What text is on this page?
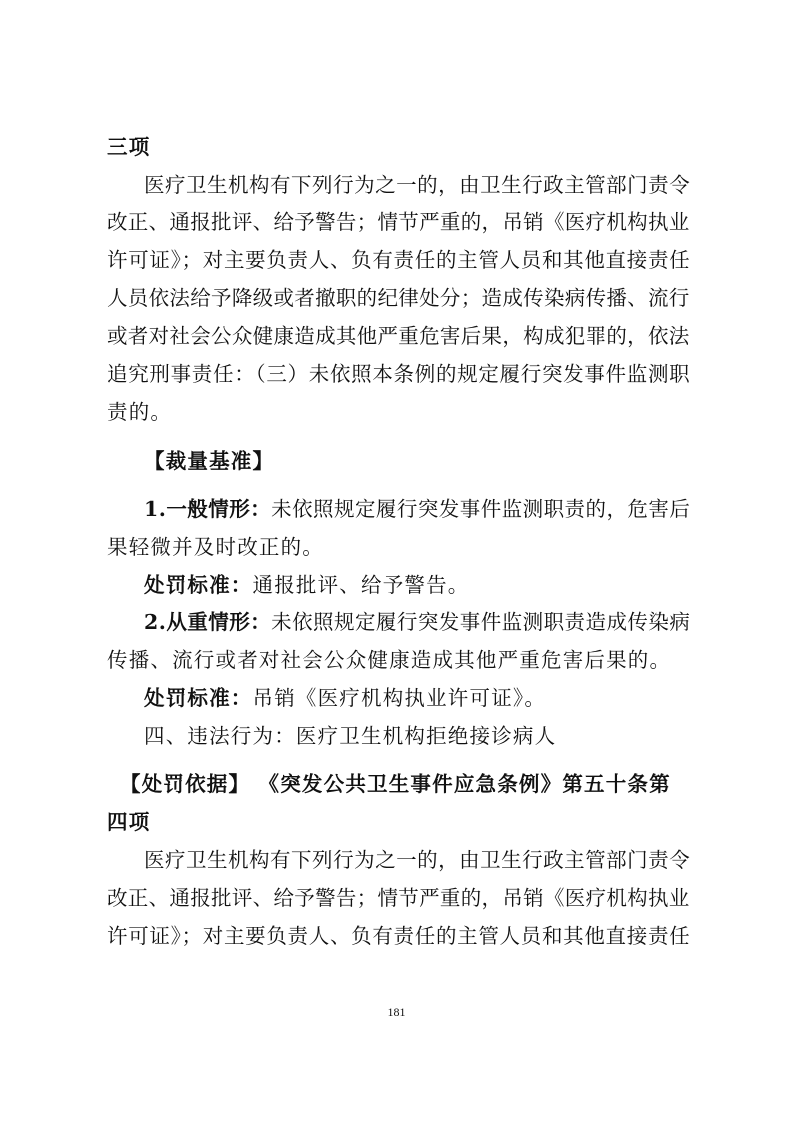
三项
医疗卫生机构有下列行为之一的，由卫生行政主管部门责令
改正、通报批评、给予警告；情节严重的，吊销《医疗机构执业
许可证》；对主要负责人、负有责任的主管人员和其他直接责任
人员依法给予降级或者撤职的纪律处分；造成传染病传播、流行
或者对社会公众健康造成其他严重危害后果，构成犯罪的，依法
追究刑事责任：（三）未依照本条例的规定履行突发事件监测职
责的。
【裁量基准】
1.一般情形：未依照规定履行突发事件监测职责的，危害后
果轻微并及时改正的。
处罚标准：通报批评、给予警告。
2.从重情形：未依照规定履行突发事件监测职责造成传染病
传播、流行或者对社会公众健康造成其他严重危害后果的。
处罚标准：吊销《医疗机构执业许可证》。
四、违法行为：医疗卫生机构拒绝接诊病人
【处罚依据】 《突发公共卫生事件应急条例》第五十条第
四项
医疗卫生机构有下列行为之一的，由卫生行政主管部门责令
改正、通报批评、给予警告；情节严重的，吊销《医疗机构执业
许可证》；对主要负责人、负有责任的主管人员和其他直接责任
181
